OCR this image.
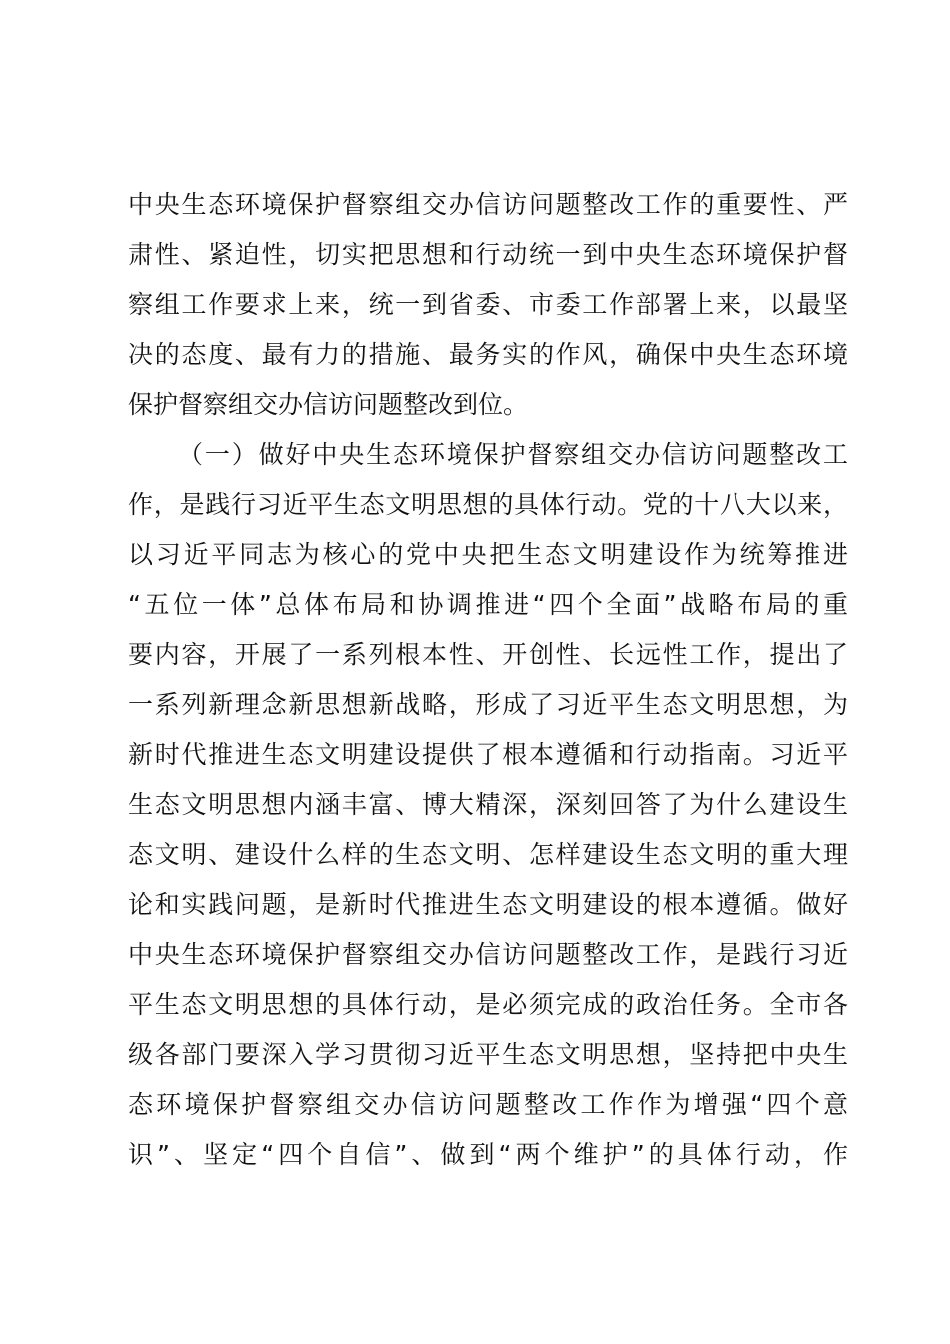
中央生态环境保护督察组交办信访问题整改工作的重要性、严
肃性、紧迫性，切实把思想和行动统一到中央生态环境保护督
察组工作要求上来，统一到省委、市委工作部署上来，以最坚
决的态度、最有力的措施、最务实的作风，确保中央生态环境
保护督察组交办信访问题整改到位。
（一）做好中央生态环境保护督察组交办信访问题整改工
作，是践行习近平生态文明思想的具体行动。党的十八大以来，
以习近平同志为核心的党中央把生态文明建设作为统筹推进
“五位一体”总体布局和协调推进“四个全面”战略布局的重
要内容，开展了一系列根本性、开创性、长远性工作，提出了
一系列新理念新思想新战略，形成了习近平生态文明思想，为
新时代推进生态文明建设提供了根本遵循和行动指南。习近平
生态文明思想内涵丰富、博大精深，深刻回答了为什么建设生
态文明、建设什么样的生态文明、怎样建设生态文明的重大理
论和实践问题，是新时代推进生态文明建设的根本遵循。做好
中央生态环境保护督察组交办信访问题整改工作，是践行习近
平生态文明思想的具体行动，是必须完成的政治任务。全市各
级各部门要深入学习贯彻习近平生态文明思想，坚持把中央生
态环境保护督察组交办信访问题整改工作作为增强“四个意
识”、坚定“四个自信”、做到“两个维护”的具体行动，作
